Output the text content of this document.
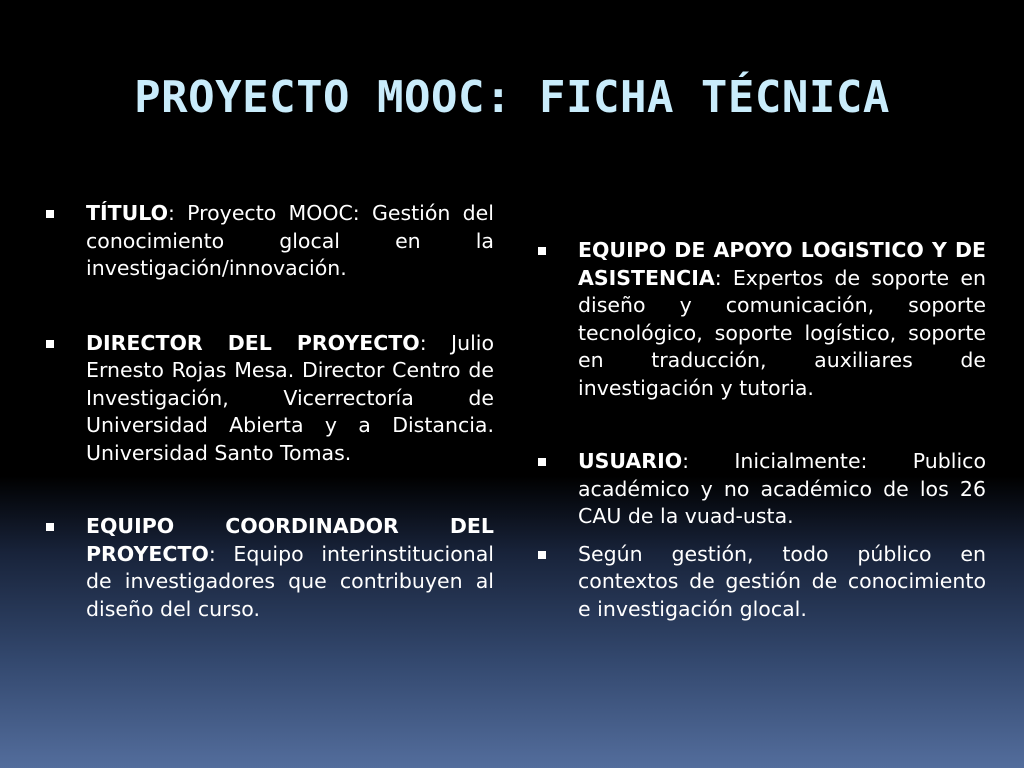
PROYECTO MOOC: FICHA TÉCNICA
TÍTULO: Proyecto MOOC: Gestión del conocimiento glocal en la investigación/innovación.
DIRECTOR DEL PROYECTO: Julio Ernesto Rojas Mesa. Director Centro de Investigación, Vicerrectoría de Universidad Abierta y a Distancia. Universidad Santo Tomas.
EQUIPO COORDINADOR DEL PROYECTO: Equipo interinstitucional de investigadores que contribuyen al diseño del curso.
EQUIPO DE APOYO LOGISTICO Y DE ASISTENCIA: Expertos de soporte en diseño y comunicación, soporte tecnológico, soporte logístico, soporte en traducción, auxiliares de investigación y tutoria.
USUARIO: Inicialmente: Publico académico y no académico de los 26 CAU de la vuad-usta.
Según gestión, todo público en contextos de gestión de conocimiento e investigación glocal.
